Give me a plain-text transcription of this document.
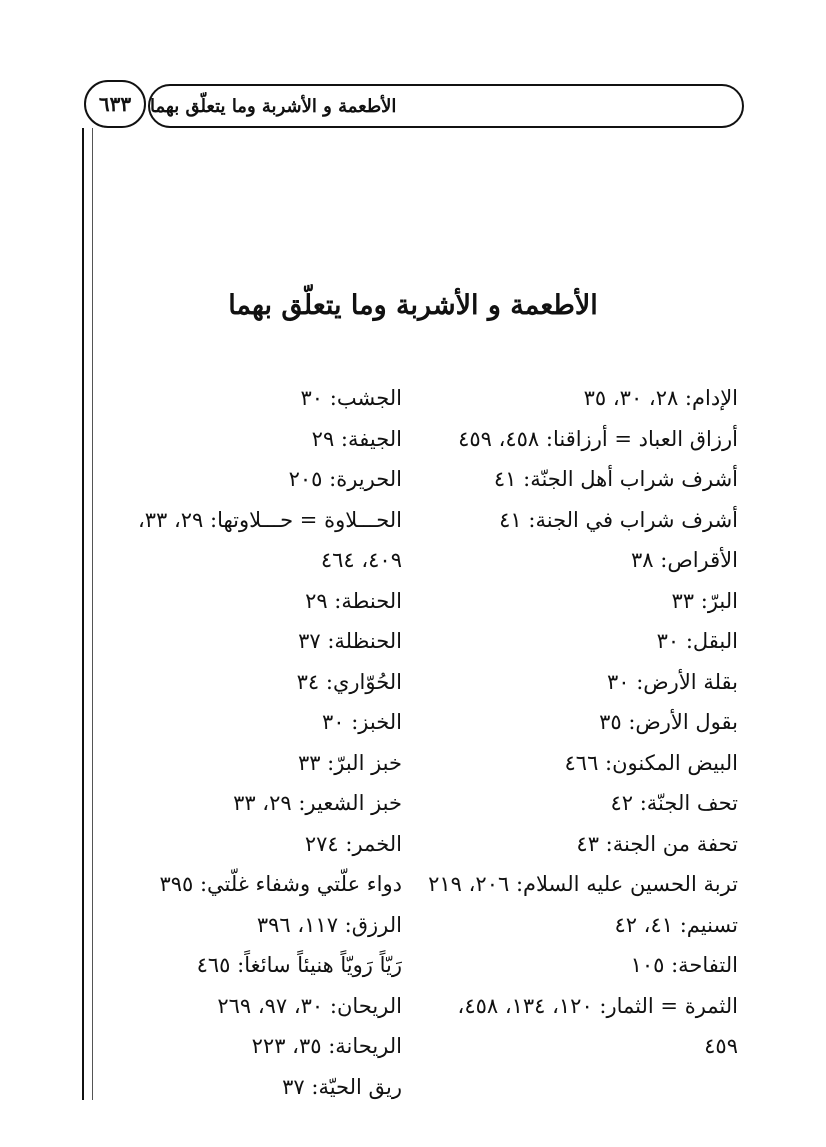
٦٣٣	الأطعمة و الأشربة وما يتعلّق بهما
الأطعمة و الأشربة وما يتعلّق بهما
الإدام: ٢٨، ٣٠، ٣٥
أرزاق العباد = أرزاقنا: ٤٥٨، ٤٥٩
أشرف شراب أهل الجنّة: ٤١
أشرف شراب في الجنة: ٤١
الأقراص: ٣٨
البرّ: ٣٣
البقل: ٣٠
بقلة الأرض: ٣٠
بقول الأرض: ٣٥
البيض المكنون: ٤٦٦
تحف الجنّة: ٤٢
تحفة من الجنة: ٤٣
تربة الحسين عليه السلام: ٢٠٦، ٢١٩
تسنيم: ٤١، ٤٢
التفاحة: ١٠٥
الثمرة = الثمار: ١٢٠، ١٣٤، ٤٥٨،
٤٥٩
الجشب: ٣٠
الجيفة: ٢٩
الحريرة: ٢٠٥
الحـــلاوة = حـــلاوتها: ٢٩، ٣٣،
٤٠٩، ٤٦٤
الحنطة: ٢٩
الحنظلة: ٣٧
الحُوّاري: ٣٤
الخبز: ٣٠
خبز البرّ: ٣٣
خبز الشعير: ٢٩، ٣٣
الخمر: ٢٧٤
دواء علّتي وشفاء غلّتي: ٣٩٥
الرزق: ١١٧، ٣٩٦
رَيّاً رَويّاً هنيئاً سائغاً: ٤٦٥
الريحان: ٣٠، ٩٧، ٢٦٩
الريحانة: ٣٥، ٢٢٣
ريق الحيّة: ٣٧
